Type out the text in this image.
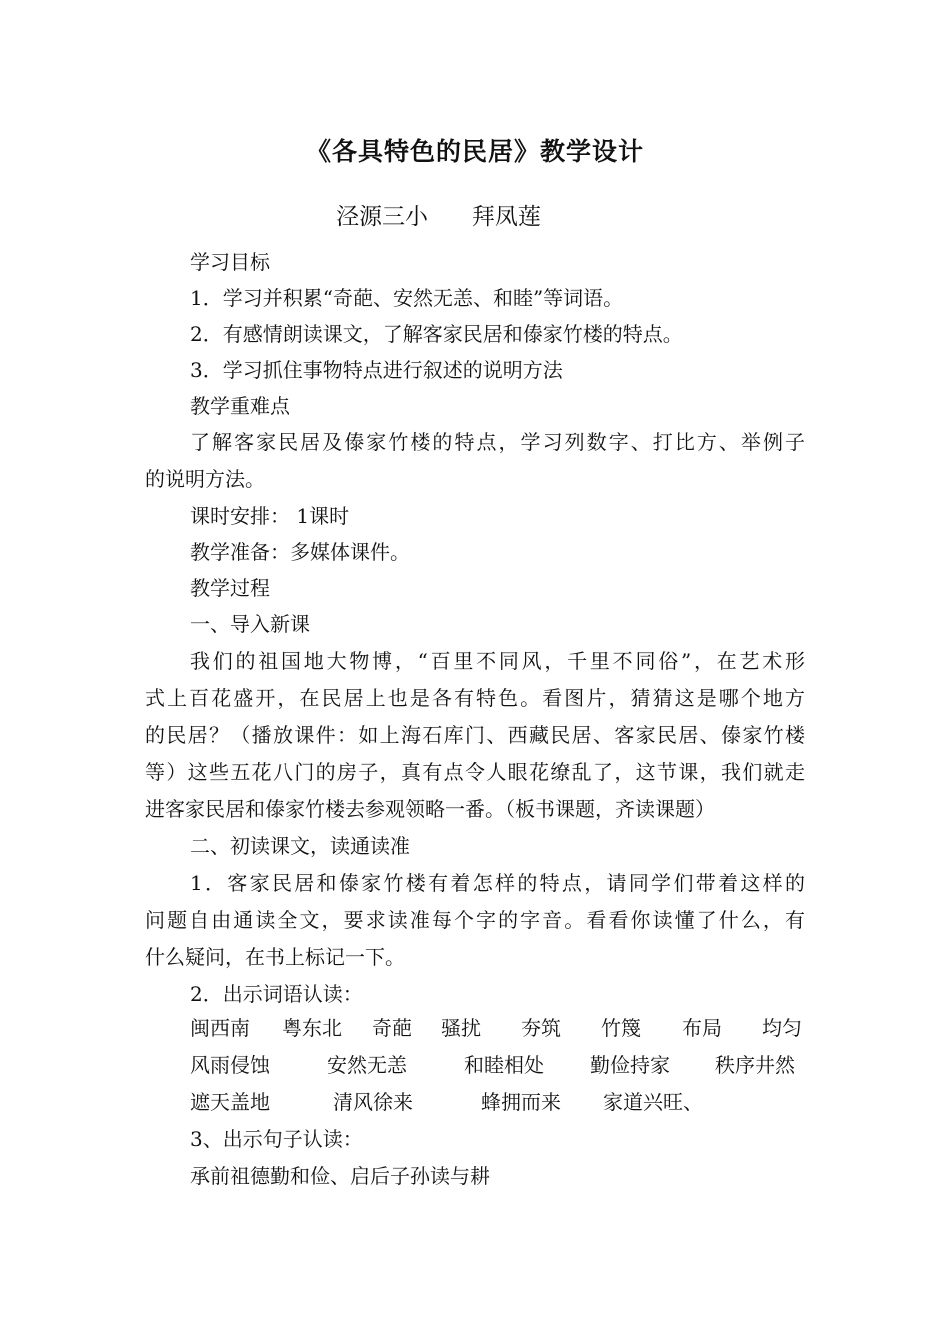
《各具特色的民居》教学设计
泾源三小      拜凤莲
学习目标
1．学习并积累“奇葩、安然无恙、和睦”等词语。
2．有感情朗读课文，了解客家民居和傣家竹楼的特点。
3．学习抓住事物特点进行叙述的说明方法
教学重难点
了解客家民居及傣家竹楼的特点，学习列数字、打比方、举例子
的说明方法。
课时安排： 1课时
教学准备：多媒体课件。
教学过程
一、导入新课
我们的祖国地大物博，“百里不同风，千里不同俗”，在艺术形
式上百花盛开，在民居上也是各有特色。看图片，猜猜这是哪个地方
的民居？（播放课件：如上海石库门、西藏民居、客家民居、傣家竹楼
等）这些五花八门的房子，真有点令人眼花缭乱了，这节课，我们就走
进客家民居和傣家竹楼去参观领略一番。（板书课题，齐读课题）
二、初读课文，读通读准
1．客家民居和傣家竹楼有着怎样的特点，请同学们带着这样的
问题自由通读全文，要求读准每个字的字音。看看你读懂了什么，有
什么疑问，在书上标记一下。
2．出示词语认读：
闽西南 粤东北 奇葩 骚扰 夯筑 竹篾 布局 均匀
风雨侵蚀	安然无恙	和睦相处 勤俭持家 秩序井然
遮天盖地	清风徐来	蜂拥而来 家道兴旺、
3、出示句子认读：
承前祖德勤和俭、启后子孙读与耕
